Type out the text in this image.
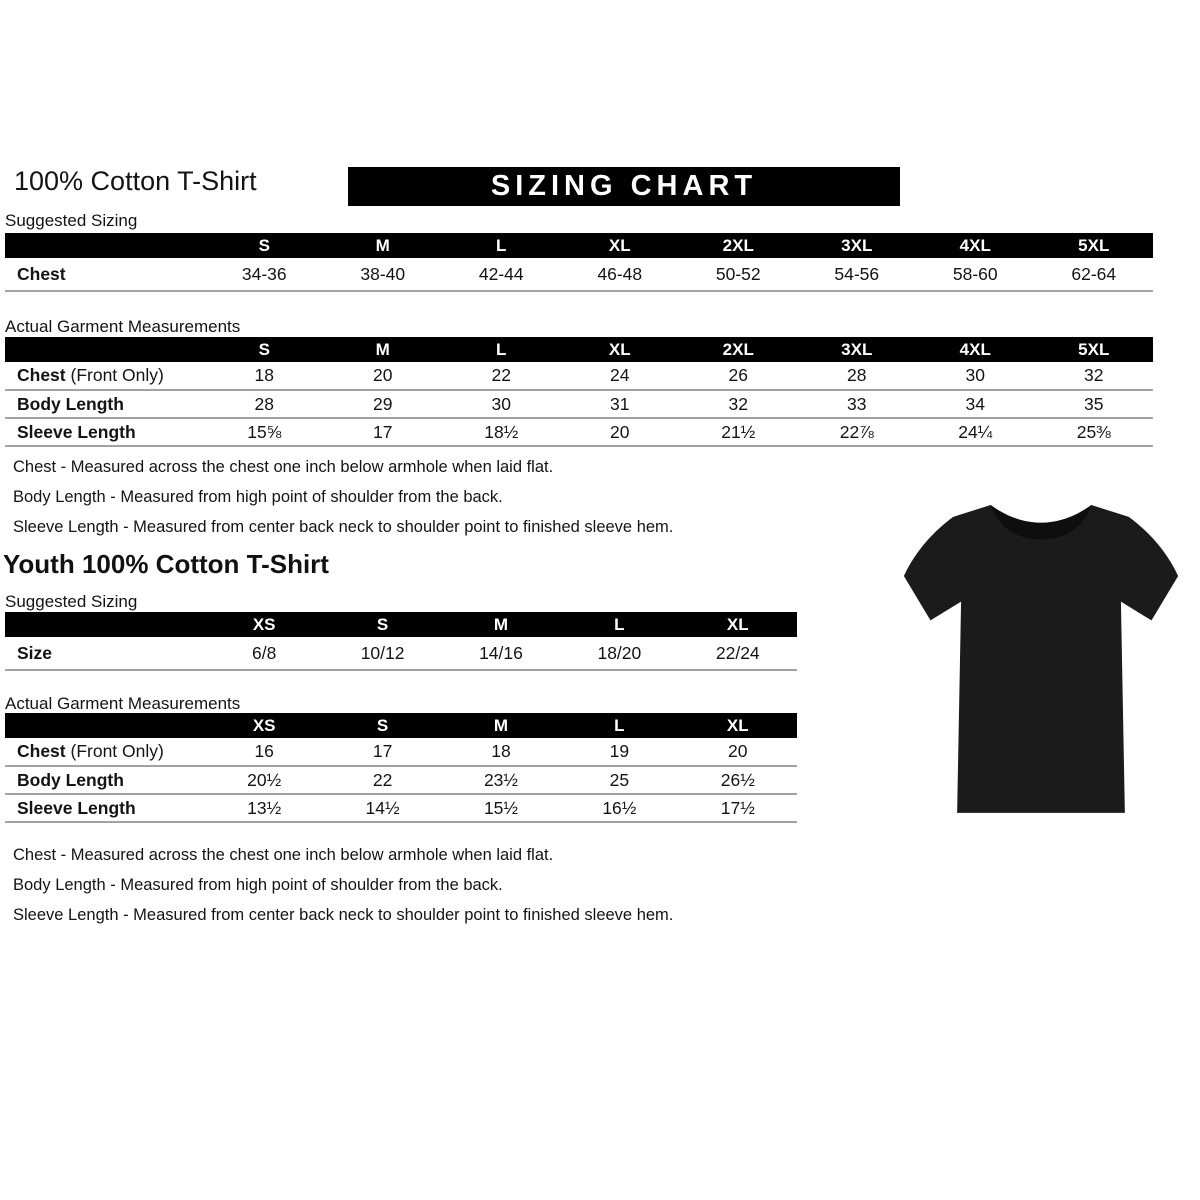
100% Cotton T-Shirt	SIZING CHART
Suggested Sizing
	S	M	L	XL	2XL	3XL	4XL	5XL
Chest	34-36	38-40	42-44	46-48	50-52	54-56	58-60	62-64
Actual Garment Measurements
	S	M	L	XL	2XL	3XL	4XL	5XL
Chest (Front Only)	18	20	22	24	26	28	30	32
Body Length	28	29	30	31	32	33	34	35
Sleeve Length	15⅝	17	18½	20	21½	22⅞	24¼	25⅜
Chest - Measured across the chest one inch below armhole when laid flat.
Body Length - Measured from high point of shoulder from the back.
Sleeve Length - Measured from center back neck to shoulder point to finished sleeve hem.
Youth 100% Cotton T-Shirt
Suggested Sizing
	XS	S	M	L	XL
Size	6/8	10/12	14/16	18/20	22/24
Actual Garment Measurements
	XS	S	M	L	XL
Chest (Front Only)	16	17	18	19	20
Body Length	20½	22	23½	25	26½
Sleeve Length	13½	14½	15½	16½	17½
Chest - Measured across the chest one inch below armhole when laid flat.
Body Length - Measured from high point of shoulder from the back.
Sleeve Length - Measured from center back neck to shoulder point to finished sleeve hem.
